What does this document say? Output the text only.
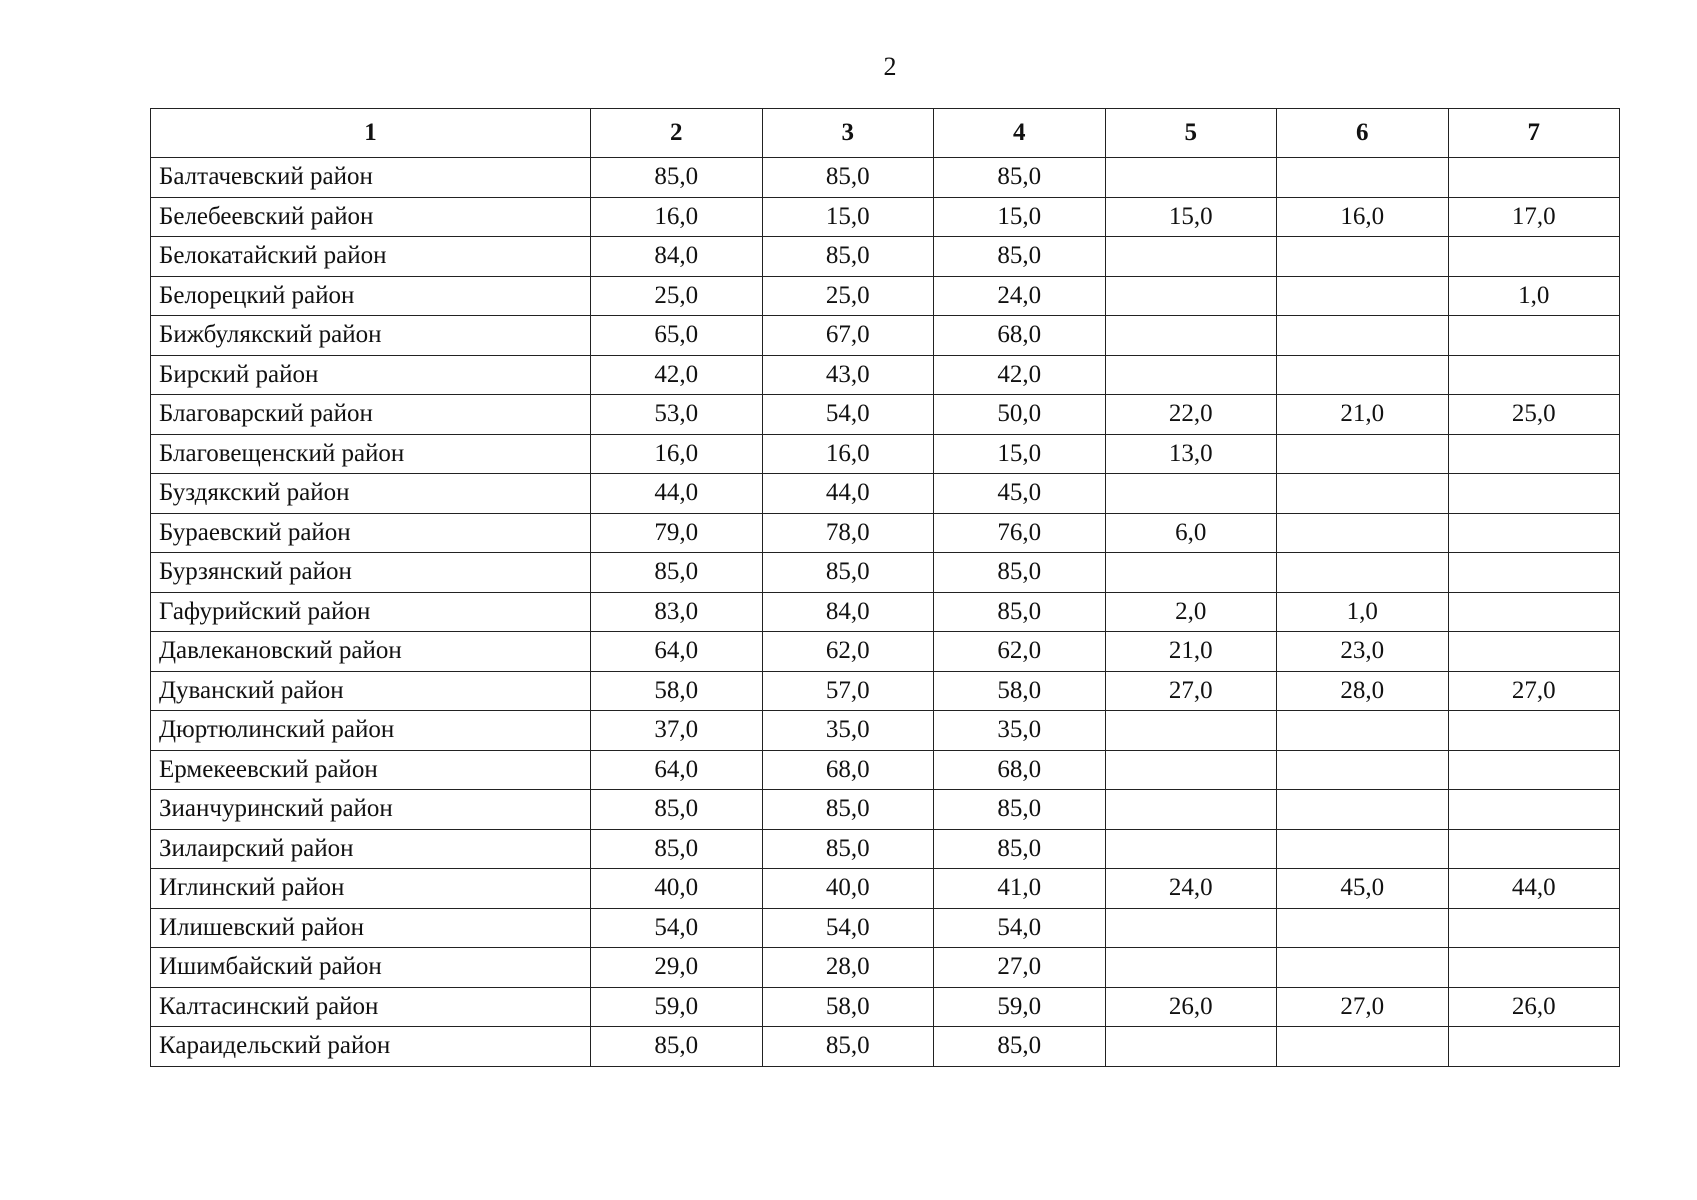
2
1	2	3	4	5	6	7
Балтачевский район	85,0	85,0	85,0			
Белебеевский район	16,0	15,0	15,0	15,0	16,0	17,0
Белокатайский район	84,0	85,0	85,0			
Белорецкий район	25,0	25,0	24,0			1,0
Бижбулякский район	65,0	67,0	68,0			
Бирский район	42,0	43,0	42,0			
Благоварский район	53,0	54,0	50,0	22,0	21,0	25,0
Благовещенский район	16,0	16,0	15,0	13,0		
Буздякский район	44,0	44,0	45,0			
Бураевский район	79,0	78,0	76,0	6,0		
Бурзянский район	85,0	85,0	85,0			
Гафурийский район	83,0	84,0	85,0	2,0	1,0	
Давлекановский район	64,0	62,0	62,0	21,0	23,0	
Дуванский район	58,0	57,0	58,0	27,0	28,0	27,0
Дюртюлинский район	37,0	35,0	35,0			
Ермекеевский район	64,0	68,0	68,0			
Зианчуринский район	85,0	85,0	85,0			
Зилаирский район	85,0	85,0	85,0			
Иглинский район	40,0	40,0	41,0	24,0	45,0	44,0
Илишевский район	54,0	54,0	54,0			
Ишимбайский район	29,0	28,0	27,0			
Калтасинский район	59,0	58,0	59,0	26,0	27,0	26,0
Караидельский район	85,0	85,0	85,0			
